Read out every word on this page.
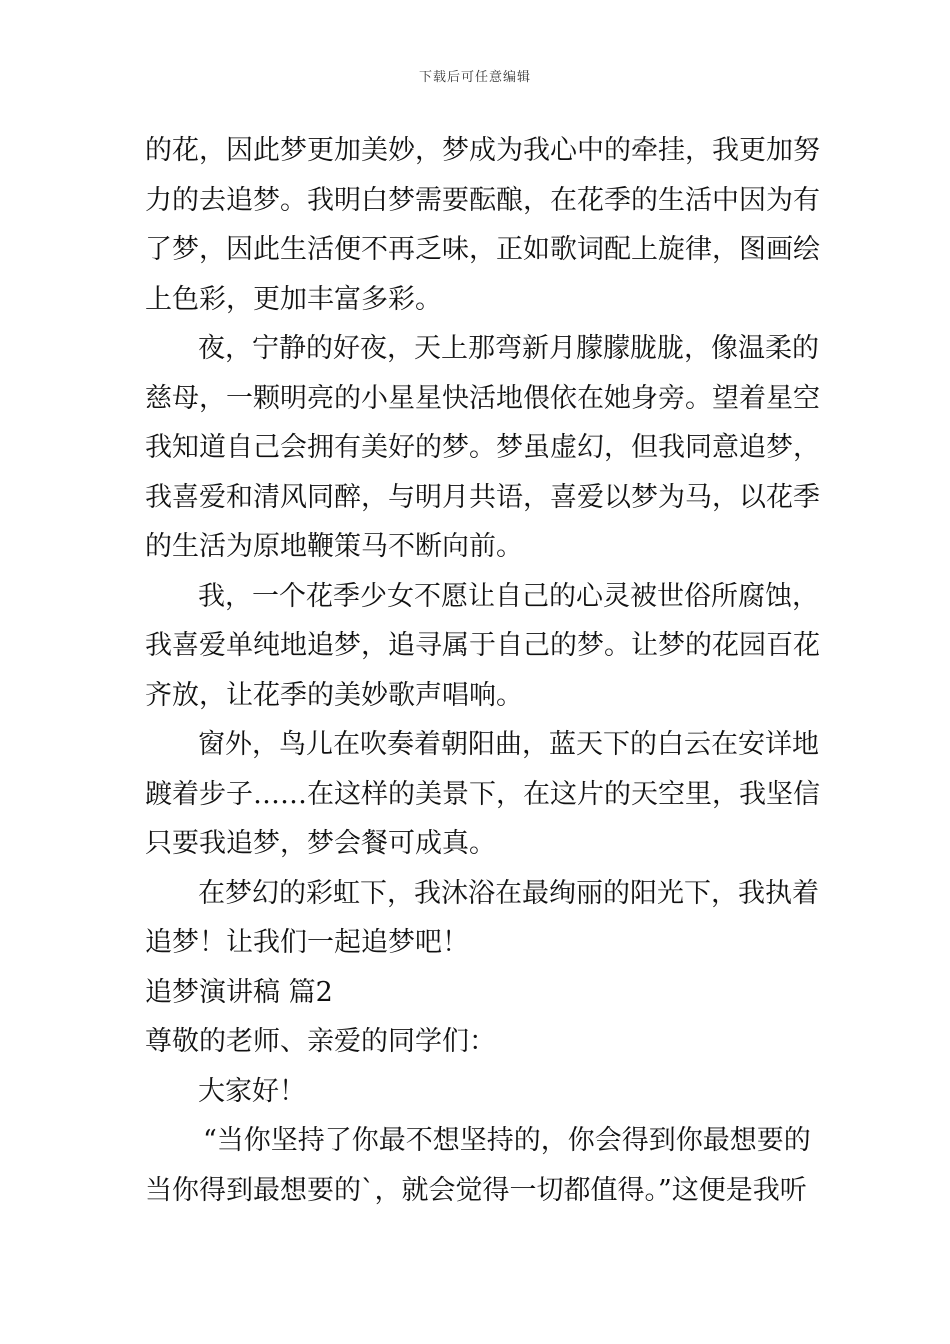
下载后可任意编辑
的花，因此梦更加美妙，梦成为我心中的牵挂，我更加努
力的去追梦。我明白梦需要酝酿，在花季的生活中因为有
了梦，因此生活便不再乏味，正如歌词配上旋律，图画绘
上色彩，更加丰富多彩。
夜，宁静的好夜，天上那弯新月朦朦胧胧，像温柔的
慈母，一颗明亮的小星星快活地偎依在她身旁。望着星空
我知道自己会拥有美好的梦。梦虽虚幻，但我同意追梦，
我喜爱和清风同醉，与明月共语，喜爱以梦为马，以花季
的生活为原地鞭策马不断向前。
我，一个花季少女不愿让自己的心灵被世俗所腐蚀，
我喜爱单纯地追梦，追寻属于自己的梦。让梦的花园百花
齐放，让花季的美妙歌声唱响。
窗外，鸟儿在吹奏着朝阳曲，蓝天下的白云在安详地
踱着步子……在这样的美景下，在这片的天空里，我坚信
只要我追梦，梦会餐可成真。
在梦幻的彩虹下，我沐浴在最绚丽的阳光下，我执着
追梦！让我们一起追梦吧！
追梦演讲稿 篇2
尊敬的老师、亲爱的同学们：
大家好！
“当你坚持了你最不想坚持的，你会得到你最想要的
当你得到最想要的`，就会觉得一切都值得。”这便是我听
